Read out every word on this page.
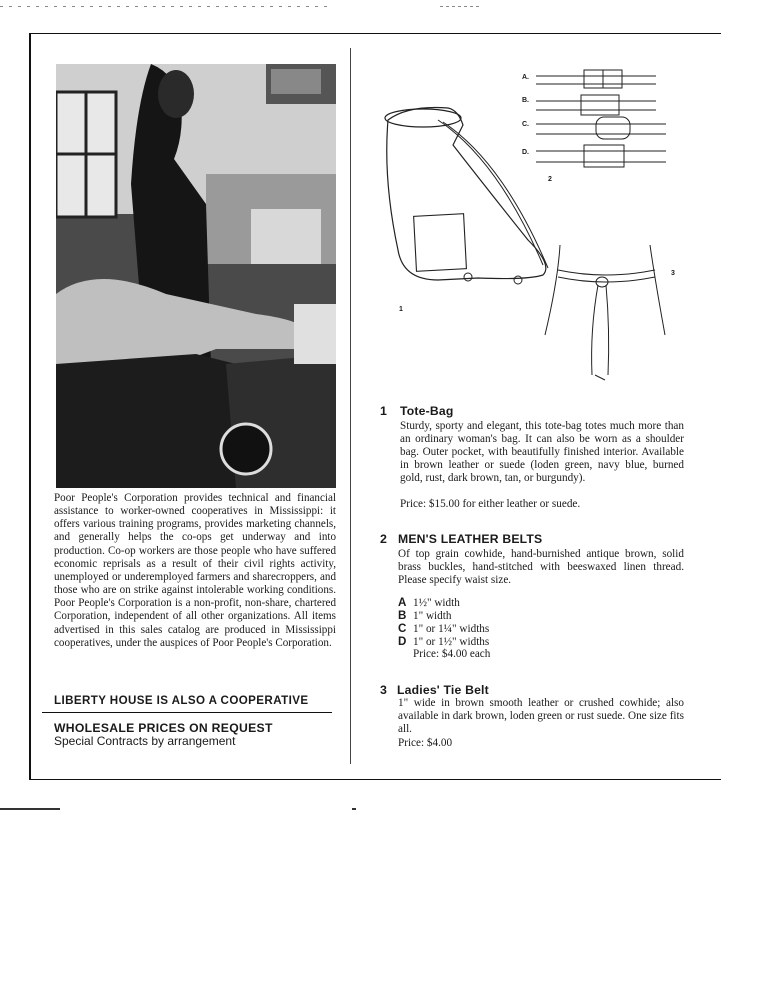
Poor People's Corporation provides technical and financial assistance to worker-owned cooperatives in Mississippi: it offers various training programs, provides marketing channels, and generally helps the co-ops get underway and into production. Co-op workers are those people who have suffered economic reprisals as a result of their civil rights activity, unemployed or underemployed farmers and sharecroppers, and those who are on strike against intolerable working conditions. Poor People's Corporation is a non-profit, non-share, chartered Corporation, independent of all other organizations. All items advertised in this sales catalog are produced in Mississippi cooperatives, under the auspices of Poor People's Corporation.
LIBERTY HOUSE IS ALSO A COOPERATIVE
WHOLESALE PRICES ON REQUEST
Special Contracts by arrangement
1
A.
B.
C.
D.
2
3
1 Tote-Bag
Sturdy, sporty and elegant, this tote-bag totes much more than an ordinary woman's bag. It can also be worn as a shoulder bag. Outer pocket, with beautifully finished interior. Available in brown leather or suede (loden green, navy blue, burned gold, rust, dark brown, tan, or burgundy).
Price: $15.00 for either leather or suede.
2 MEN'S LEATHER BELTS
Of top grain cowhide, hand-burnished antique brown, solid brass buckles, hand-stitched with beeswaxed linen thread. Please specify waist size.
A 1½" width
B 1" width
C 1" or 1¼" widths
D 1" or 1½" widths
Price: $4.00 each
3 Ladies' Tie Belt
1" wide in brown smooth leather or crushed cowhide; also available in dark brown, loden green or rust suede. One size fits all.
Price: $4.00
